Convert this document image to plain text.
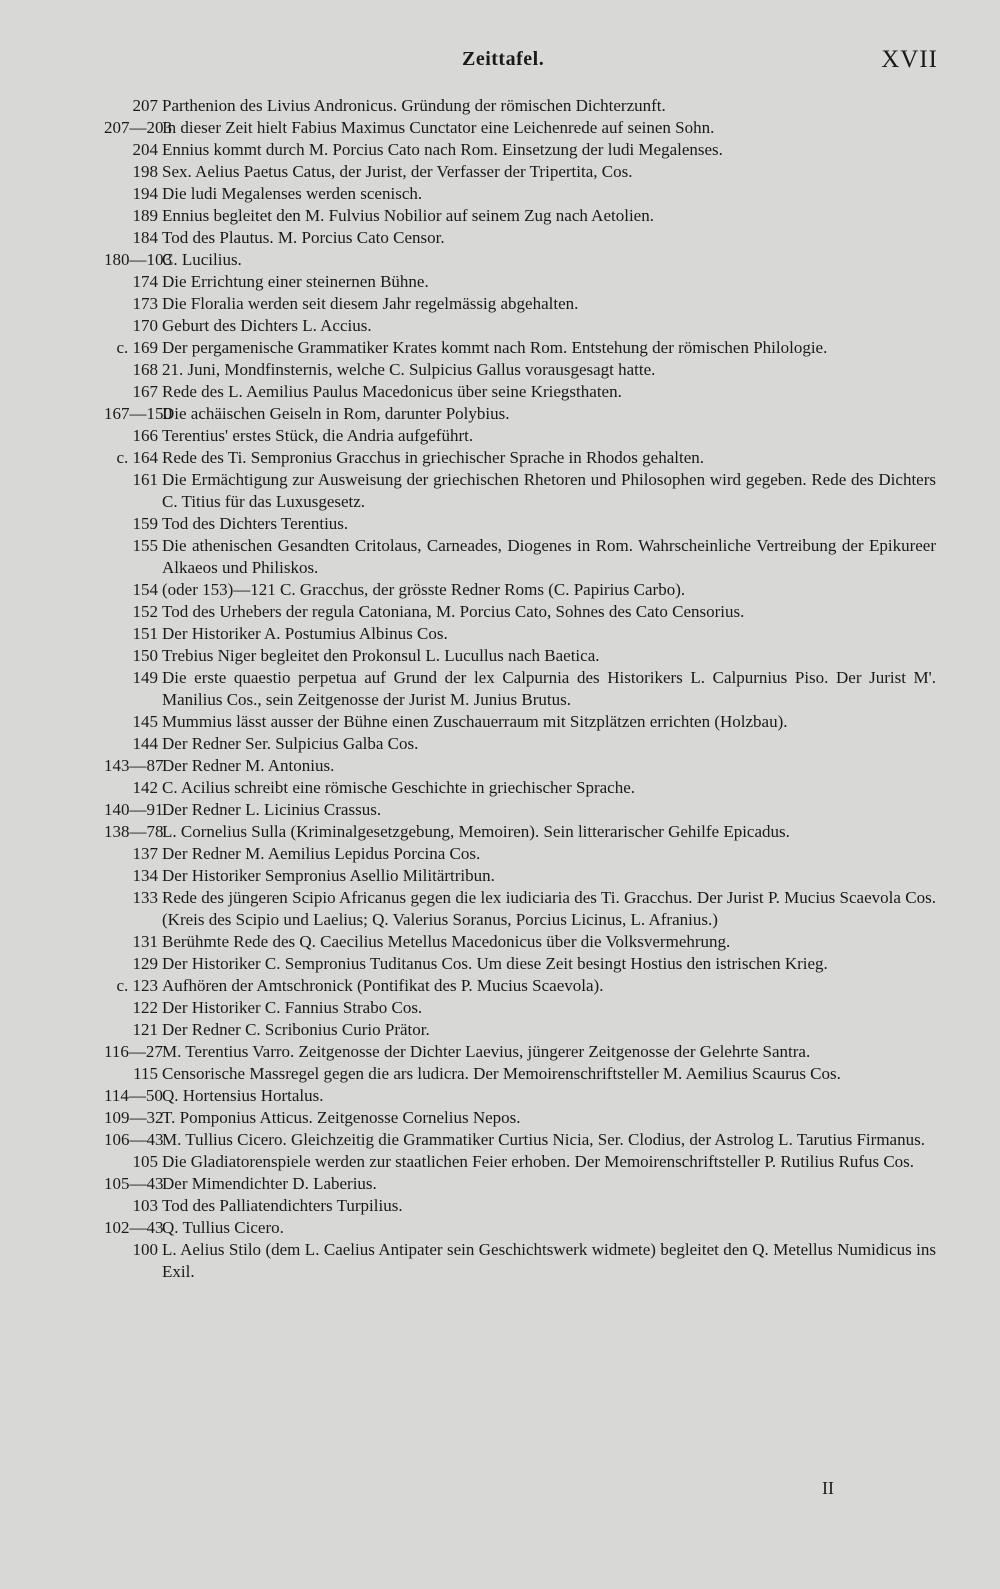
Zeittafel.	XVII
207 Parthenion des Livius Andronicus. Gründung der römischen Dichterzunft.
207—203
In dieser Zeit hielt Fabius Maximus Cunctator eine Leichenrede auf seinen Sohn.
204 Ennius kommt durch M. Porcius Cato nach Rom. Einsetzung der ludi Megalenses.
198 Sex. Aelius Paetus Catus, der Jurist, der Verfasser der Tripertita, Cos.
194 Die ludi Megalenses werden scenisch.
189 Ennius begleitet den M. Fulvius Nobilior auf seinem Zug nach Aetolien.
184 Tod des Plautus. M. Porcius Cato Censor.
180—103
C. Lucilius.
174 Die Errichtung einer steinernen Bühne.
173 Die Floralia werden seit diesem Jahr regelmässig abgehalten.
170 Geburt des Dichters L. Accius.
c. 169 Der pergamenische Grammatiker Krates kommt nach Rom. Entstehung der römischen Philologie.
168 21. Juni, Mondfinsternis, welche C. Sulpicius Gallus vorausgesagt hatte.
167 Rede des L. Aemilius Paulus Macedonicus über seine Kriegsthaten.
167—150
Die achäischen Geiseln in Rom, darunter Polybius.
166 Terentius' erstes Stück, die Andria aufgeführt.
c. 164 Rede des Ti. Sempronius Gracchus in griechischer Sprache in Rhodos gehalten.
161 Die Ermächtigung zur Ausweisung der griechischen Rhetoren und Philosophen wird gegeben. Rede des Dichters C. Titius für das Luxusgesetz.
159 Tod des Dichters Terentius.
155 Die athenischen Gesandten Critolaus, Carneades, Diogenes in Rom. Wahrscheinliche Vertreibung der Epikureer Alkaeos und Philiskos.
154 (oder 153)—121 C. Gracchus, der grösste Redner Roms (C. Papirius Carbo).
152 Tod des Urhebers der regula Catoniana, M. Porcius Cato, Sohnes des Cato Censorius.
151 Der Historiker A. Postumius Albinus Cos.
150 Trebius Niger begleitet den Prokonsul L. Lucullus nach Baetica.
149 Die erste quaestio perpetua auf Grund der lex Calpurnia des Historikers L. Calpurnius Piso. Der Jurist M'. Manilius Cos., sein Zeitgenosse der Jurist M. Junius Brutus.
145 Mummius lässt ausser der Bühne einen Zuschauerraum mit Sitzplätzen errichten (Holzbau).
144 Der Redner Ser. Sulpicius Galba Cos.
143—87
Der Redner M. Antonius.
142 C. Acilius schreibt eine römische Geschichte in griechischer Sprache.
140—91
Der Redner L. Licinius Crassus.
138—78
L. Cornelius Sulla (Kriminalgesetzgebung, Memoiren). Sein litterarischer Gehilfe Epicadus.
137 Der Redner M. Aemilius Lepidus Porcina Cos.
134 Der Historiker Sempronius Asellio Militärtribun.
133 Rede des jüngeren Scipio Africanus gegen die lex iudiciaria des Ti. Gracchus. Der Jurist P. Mucius Scaevola Cos. (Kreis des Scipio und Laelius; Q. Valerius Soranus, Porcius Licinus, L. Afranius.)
131 Berühmte Rede des Q. Caecilius Metellus Macedonicus über die Volksvermehrung.
129 Der Historiker C. Sempronius Tuditanus Cos. Um diese Zeit besingt Hostius den istrischen Krieg.
c. 123 Aufhören der Amtschronick (Pontifikat des P. Mucius Scaevola).
122 Der Historiker C. Fannius Strabo Cos.
121 Der Redner C. Scribonius Curio Prätor.
116—27 M. Terentius Varro. Zeitgenosse der Dichter Laevius, jüngerer Zeitgenosse der Gelehrte Santra.
115 Censorische Massregel gegen die ars ludicra. Der Memoirenschriftsteller M. Aemilius Scaurus Cos.
114—50 Q. Hortensius Hortalus.
109—32
T. Pomponius Atticus. Zeitgenosse Cornelius Nepos.
106—43
M. Tullius Cicero. Gleichzeitig die Grammatiker Curtius Nicia, Ser. Clodius, der Astrolog L. Tarutius Firmanus.
105 Die Gladiatorenspiele werden zur staatlichen Feier erhoben. Der Memoirenschriftsteller P. Rutilius Rufus Cos.
105—43
Der Mimendichter D. Laberius.
103 Tod des Palliatendichters Turpilius.
102—43
Q. Tullius Cicero.
100 L. Aelius Stilo (dem L. Caelius Antipater sein Geschichtswerk widmete) begleitet den Q. Metellus Numidicus ins Exil.
II
